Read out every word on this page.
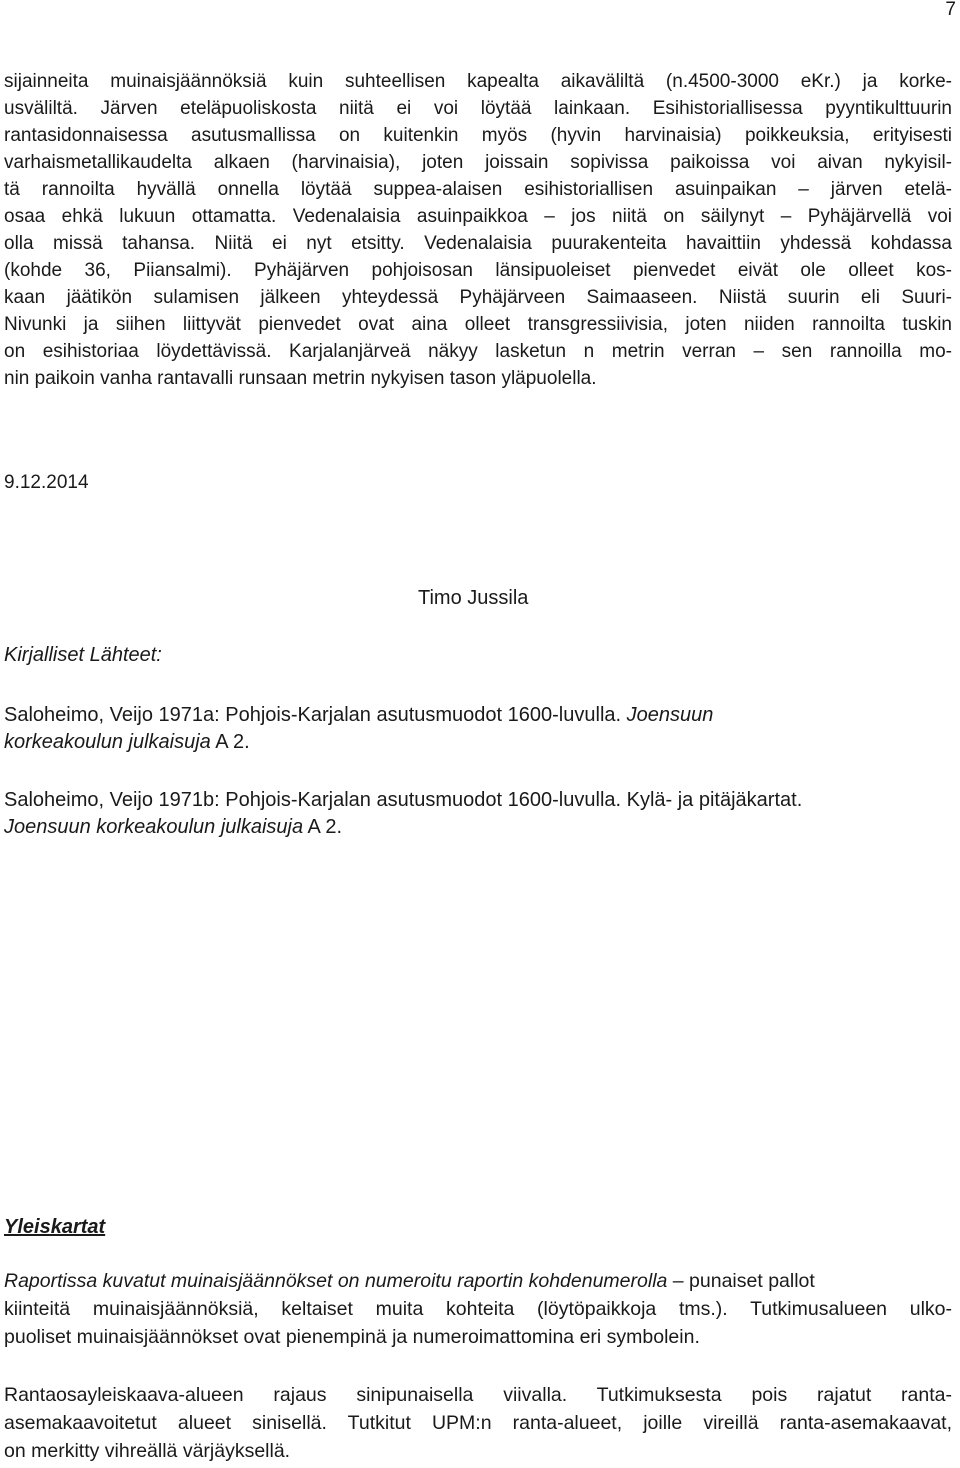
7
sijainneita muinaisjäännöksiä kuin suhteellisen kapealta aikaväliltä (n.4500-3000 eKr.) ja korke-
usväliltä. Järven eteläpuoliskosta niitä ei voi löytää lainkaan. Esihistoriallisessa pyyntikulttuurin
rantasidonnaisessa asutusmallissa on kuitenkin myös (hyvin harvinaisia) poikkeuksia, erityisesti
varhaismetallikaudelta alkaen (harvinaisia), joten joissain sopivissa paikoissa voi aivan nykyisil-
tä rannoilta hyvällä onnella löytää suppea-alaisen esihistoriallisen asuinpaikan – järven etelä-
osaa ehkä lukuun ottamatta. Vedenalaisia asuinpaikkoa – jos niitä on säilynyt – Pyhäjärvellä voi
olla missä tahansa. Niitä ei nyt etsitty. Vedenalaisia puurakenteita havaittiin yhdessä kohdassa
(kohde 36, Piiansalmi). Pyhäjärven pohjoisosan länsipuoleiset pienvedet eivät ole olleet kos-
kaan jäätikön sulamisen jälkeen yhteydessä Pyhäjärveen Saimaaseen. Niistä suurin eli Suuri-
Nivunki ja siihen liittyvät pienvedet ovat aina olleet transgressiivisia, joten niiden rannoilta tuskin
on esihistoriaa löydettävissä. Karjalanjärveä näkyy lasketun n metrin verran – sen rannoilla mo-
nin paikoin vanha rantavalli runsaan metrin nykyisen tason yläpuolella.
9.12.2014
Timo Jussila
Kirjalliset Lähteet:
Saloheimo, Veijo 1971a: Pohjois-Karjalan asutusmuodot 1600-luvulla. Joensuun
korkeakoulun julkaisuja A 2.
Saloheimo, Veijo 1971b: Pohjois-Karjalan asutusmuodot 1600-luvulla. Kylä- ja pitäjäkartat.
Joensuun korkeakoulun julkaisuja A 2.
Yleiskartat
Raportissa kuvatut muinaisjäännökset on numeroitu raportin kohdenumerolla – punaiset pallot
kiinteitä muinaisjäännöksiä, keltaiset muita kohteita (löytöpaikkoja tms.). Tutkimusalueen ulko-
puoliset muinaisjäännökset ovat pienempinä ja numeroimattomina eri symbolein.
Rantaosayleiskaava-alueen rajaus sinipunaisella viivalla. Tutkimuksesta pois rajatut ranta-
asemakaavoitetut alueet sinisellä. Tutkitut UPM:n ranta-alueet, joille vireillä ranta-asemakaavat,
on merkitty vihreällä värjäyksellä.
